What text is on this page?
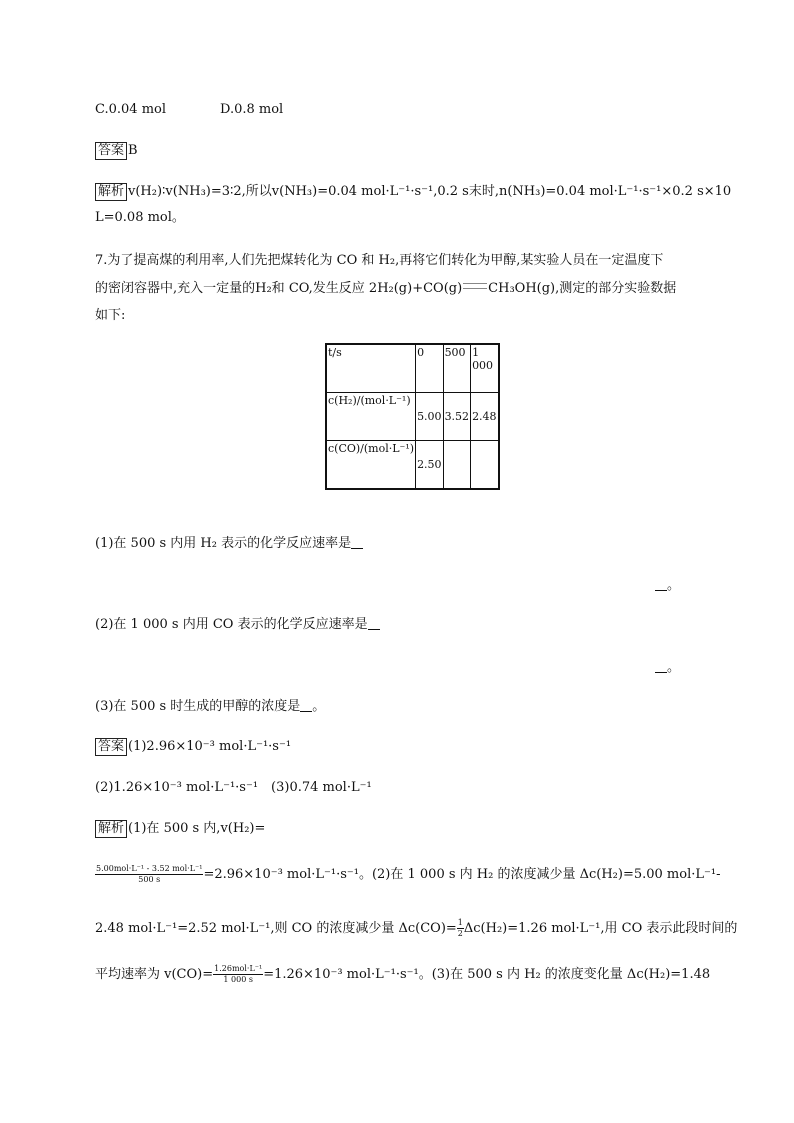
C.0.04 mol	D.0.8 mol
答案 B
解析 v(H₂)∶v(NH₃)=3∶2,所以v(NH₃)=0.04 mol·L⁻¹·s⁻¹,0.2 s末时,n(NH₃)=0.04 mol·L⁻¹·s⁻¹×0.2 s×10
L=0.08 mol。
7.为了提高煤的利用率,人们先把煤转化为 CO 和 H₂,再将它们转化为甲醇,某实验人员在一定温度下
的密闭容器中,充入一定量的H₂和 CO,发生反应 2H₂(g)+CO(g) CH₃OH(g),测定的部分实验数据
如下:
t/s	0	500	1 000
c(H₂)/(mol·L⁻¹)	5.00	3.52	2.48
c(CO)/(mol·L⁻¹)	2.50		
(1)在 500 s 内用 H₂ 表示的化学反应速率是
。
(2)在 1 000 s 内用 CO 表示的化学反应速率是
。
(3)在 500 s 时生成的甲醇的浓度是 。
答案 (1)2.96×10⁻³ mol·L⁻¹·s⁻¹
(2)1.26×10⁻³ mol·L⁻¹·s⁻¹　(3)0.74 mol·L⁻¹
解析 (1)在 500 s 内,v(H₂)=
$\frac{\text{5.00mol·L⁻¹ - 3.52 mol·L⁻¹}}{500 s} =2.96\times 10^{-3}$ mol·L⁻¹·s⁻¹。(2)在 1 000 s 内 H₂ 的浓度减少量 Δc(H₂)=5.00 mol·L⁻¹-
2.48 mol·L⁻¹=2.52 mol·L⁻¹,则 CO 的浓度减少量 $\Delta c(CO)= \frac{1}{2} \Delta c(H_2)=1.26$ mol·L⁻¹,用 CO 表示此段时间的
平均速率为 $v(CO)= \frac{\text{1.26mol·L⁻¹}}{1 000 s} =1.26\times 10^{-3}$ mol·L⁻¹·s⁻¹。(3)在 500 s 内 H₂ 的浓度变化量 Δc(H₂)=1.48
